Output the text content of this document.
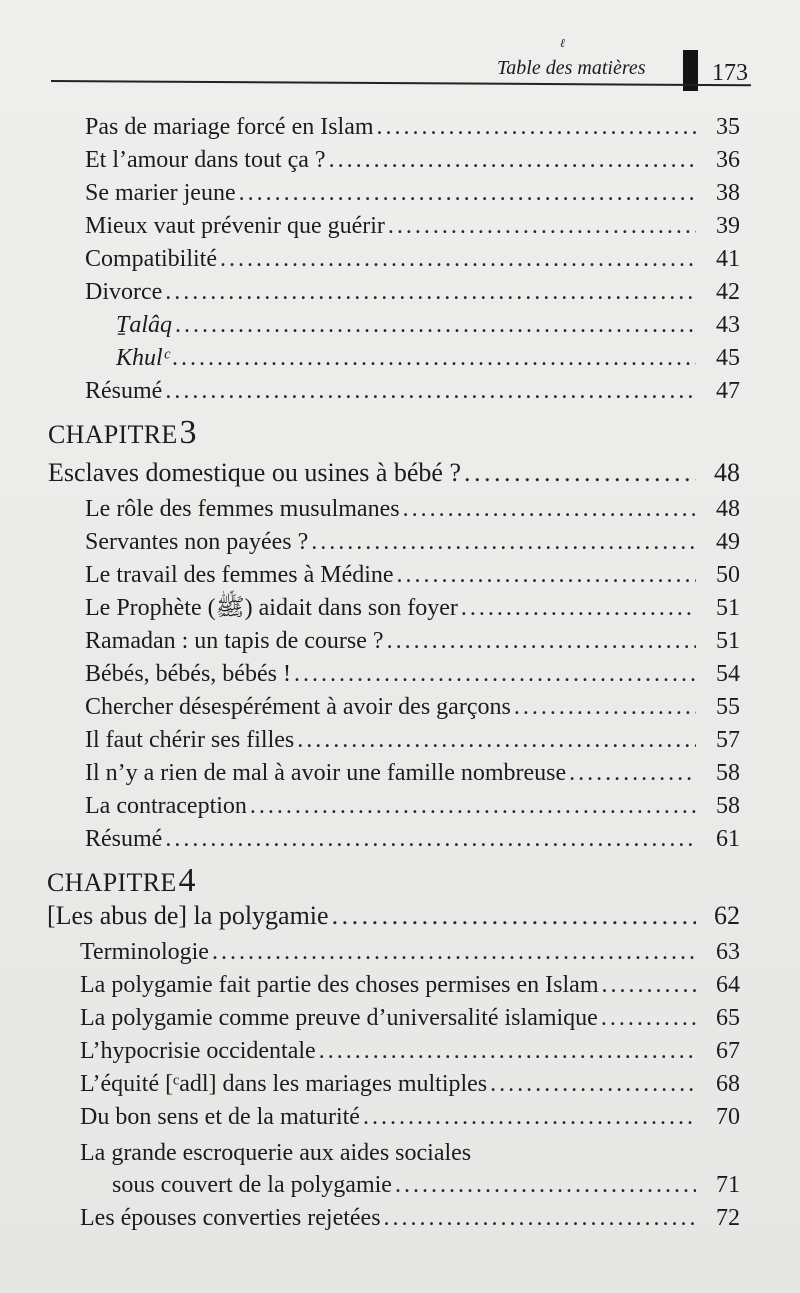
ℓ
Table des matières	173
Pas de mariage forcé en Islam . . .	35
Et l’amour dans tout ça ? . . .	36
Se marier jeune . . .	38
Mieux vaut prévenir que guérir . . .	39
Compatibilité . . .	41
Divorce . . .	42
Ṯalâq . . .	43
Khulᶜ . . .	45
Résumé . . .	47
CHAPITRE3
Esclaves domestique ou usines à bébé ? . . .	48
Le rôle des femmes musulmanes . . .	48
Servantes non payées ? . . .	49
Le travail des femmes à Médine . . .	50
Le Prophète (ﷺ) aidait dans son foyer . . .	51
Ramadan : un tapis de course ? . . .	51
Bébés, bébés, bébés ! . . .	54
Chercher désespérément à avoir des garçons . . .	55
Il faut chérir ses filles . . .	57
Il n’y a rien de mal à avoir une famille nombreuse . . .	58
La contraception . . .	58
Résumé . . .	61
CHAPITRE4
[Les abus de] la polygamie . . .	62
Terminologie . . .	63
La polygamie fait partie des choses permises en Islam . . .	64
La polygamie comme preuve d’universalité islamique . . .	65
L’hypocrisie occidentale . . .	67
L’équité [ᶜadl] dans les mariages multiples . . .	68
Du bon sens et de la maturité . . .	70
La grande escroquerie aux aides sociales
sous couvert de la polygamie . . .	71
Les épouses converties rejetées . . .	72
